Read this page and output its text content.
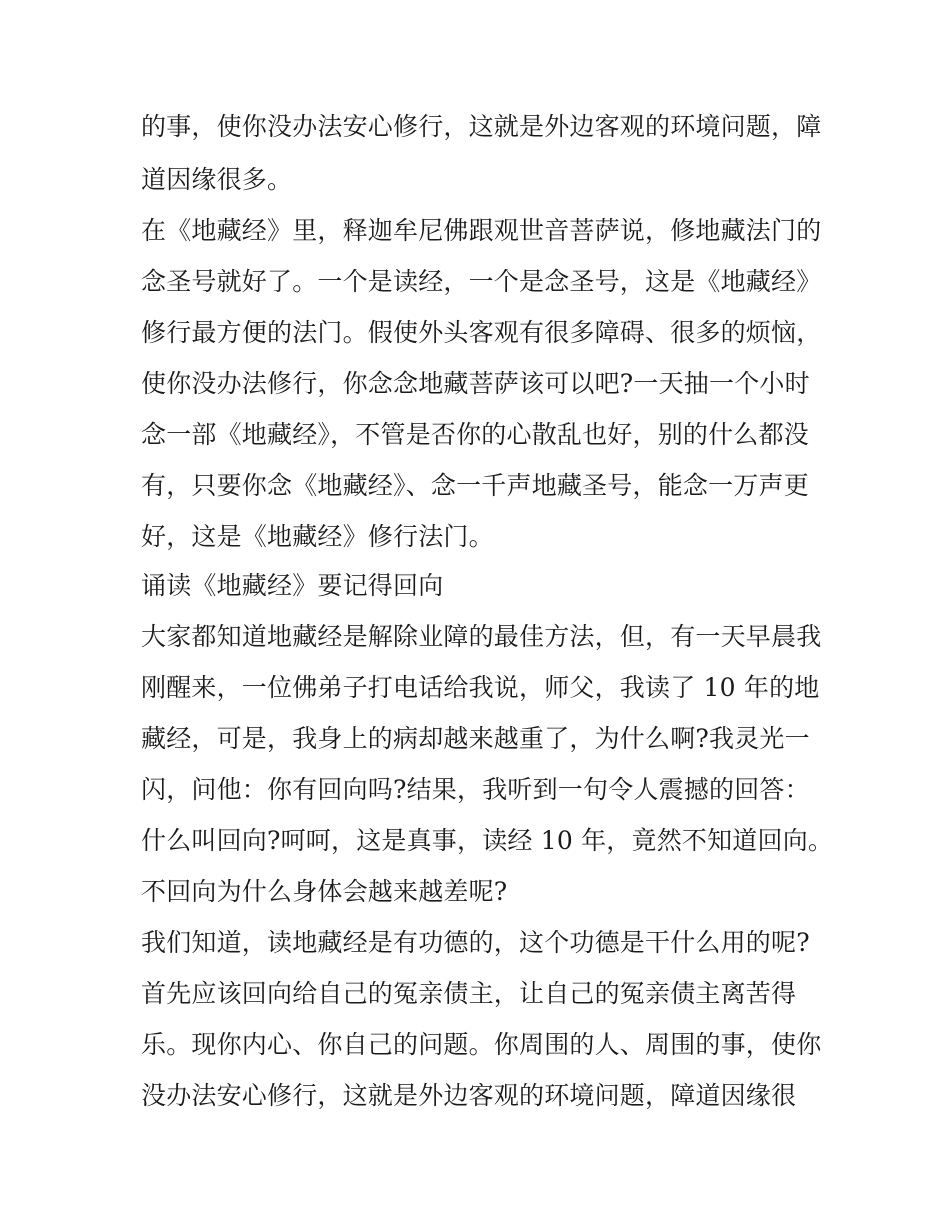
的事，使你没办法安心修行，这就是外边客观的环境问题，障

道因缘很多。

在《地藏经》里，释迦牟尼佛跟观世音菩萨说，修地藏法门的

念圣号就好了。一个是读经，一个是念圣号，这是《地藏经》

修行最方便的法门。假使外头客观有很多障碍、很多的烦恼，

使你没办法修行，你念念地藏菩萨该可以吧?一天抽一个小时

念一部《地藏经》，不管是否你的心散乱也好，别的什么都没

有，只要你念《地藏经》、念一千声地藏圣号，能念一万声更

好，这是《地藏经》修行法门。

诵读《地藏经》要记得回向

大家都知道地藏经是解除业障的最佳方法，但，有一天早晨我

刚醒来，一位佛弟子打电话给我说，师父，我读了 10 年的地

藏经，可是，我身上的病却越来越重了，为什么啊?我灵光一

闪，问他：你有回向吗?结果，我听到一句令人震撼的回答：

什么叫回向?呵呵，这是真事，读经 10 年，竟然不知道回向。

不回向为什么身体会越来越差呢?

我们知道，读地藏经是有功德的，这个功德是干什么用的呢?

首先应该回向给自己的冤亲债主，让自己的冤亲债主离苦得

乐。现你内心、你自己的问题。你周围的人、周围的事，使你

没办法安心修行，这就是外边客观的环境问题，障道因缘很
